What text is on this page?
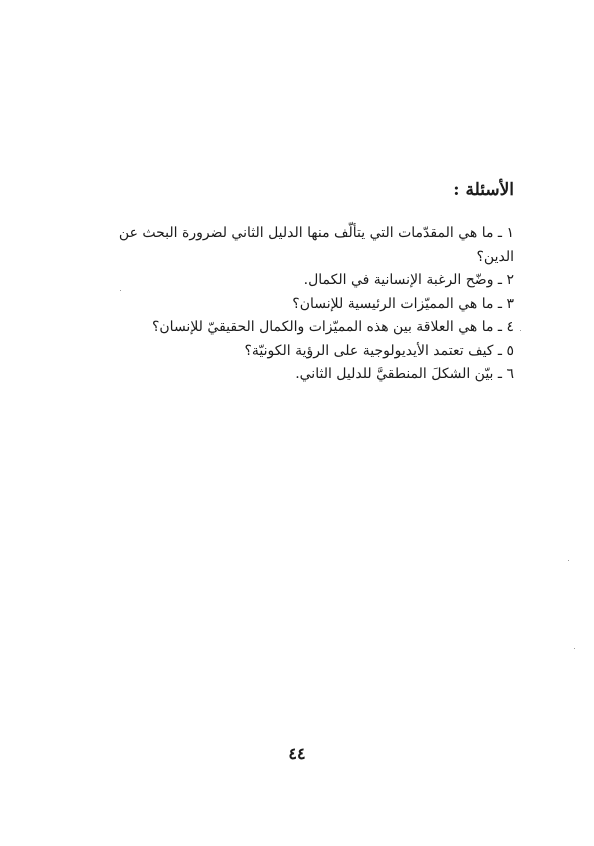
الأسئلة :
١ ـ ما هي المقدّمات التي يتألّف منها الدليل الثاني لضرورة البحث عن الدين؟
٢ ـ وضّح الرغبة الإنسانية في الكمال.
٣ ـ ما هي المميّزات الرئيسية للإنسان؟
٤ ـ ما هي العلاقة بين هذه المميّزات والكمال الحقيقيّ للإنسان؟
٥ ـ كيف تعتمد الأيديولوجية على الرؤية الكونيّة؟
٦ ـ بيّن الشكلَ المنطقيَّ للدليل الثاني.
٤٤
